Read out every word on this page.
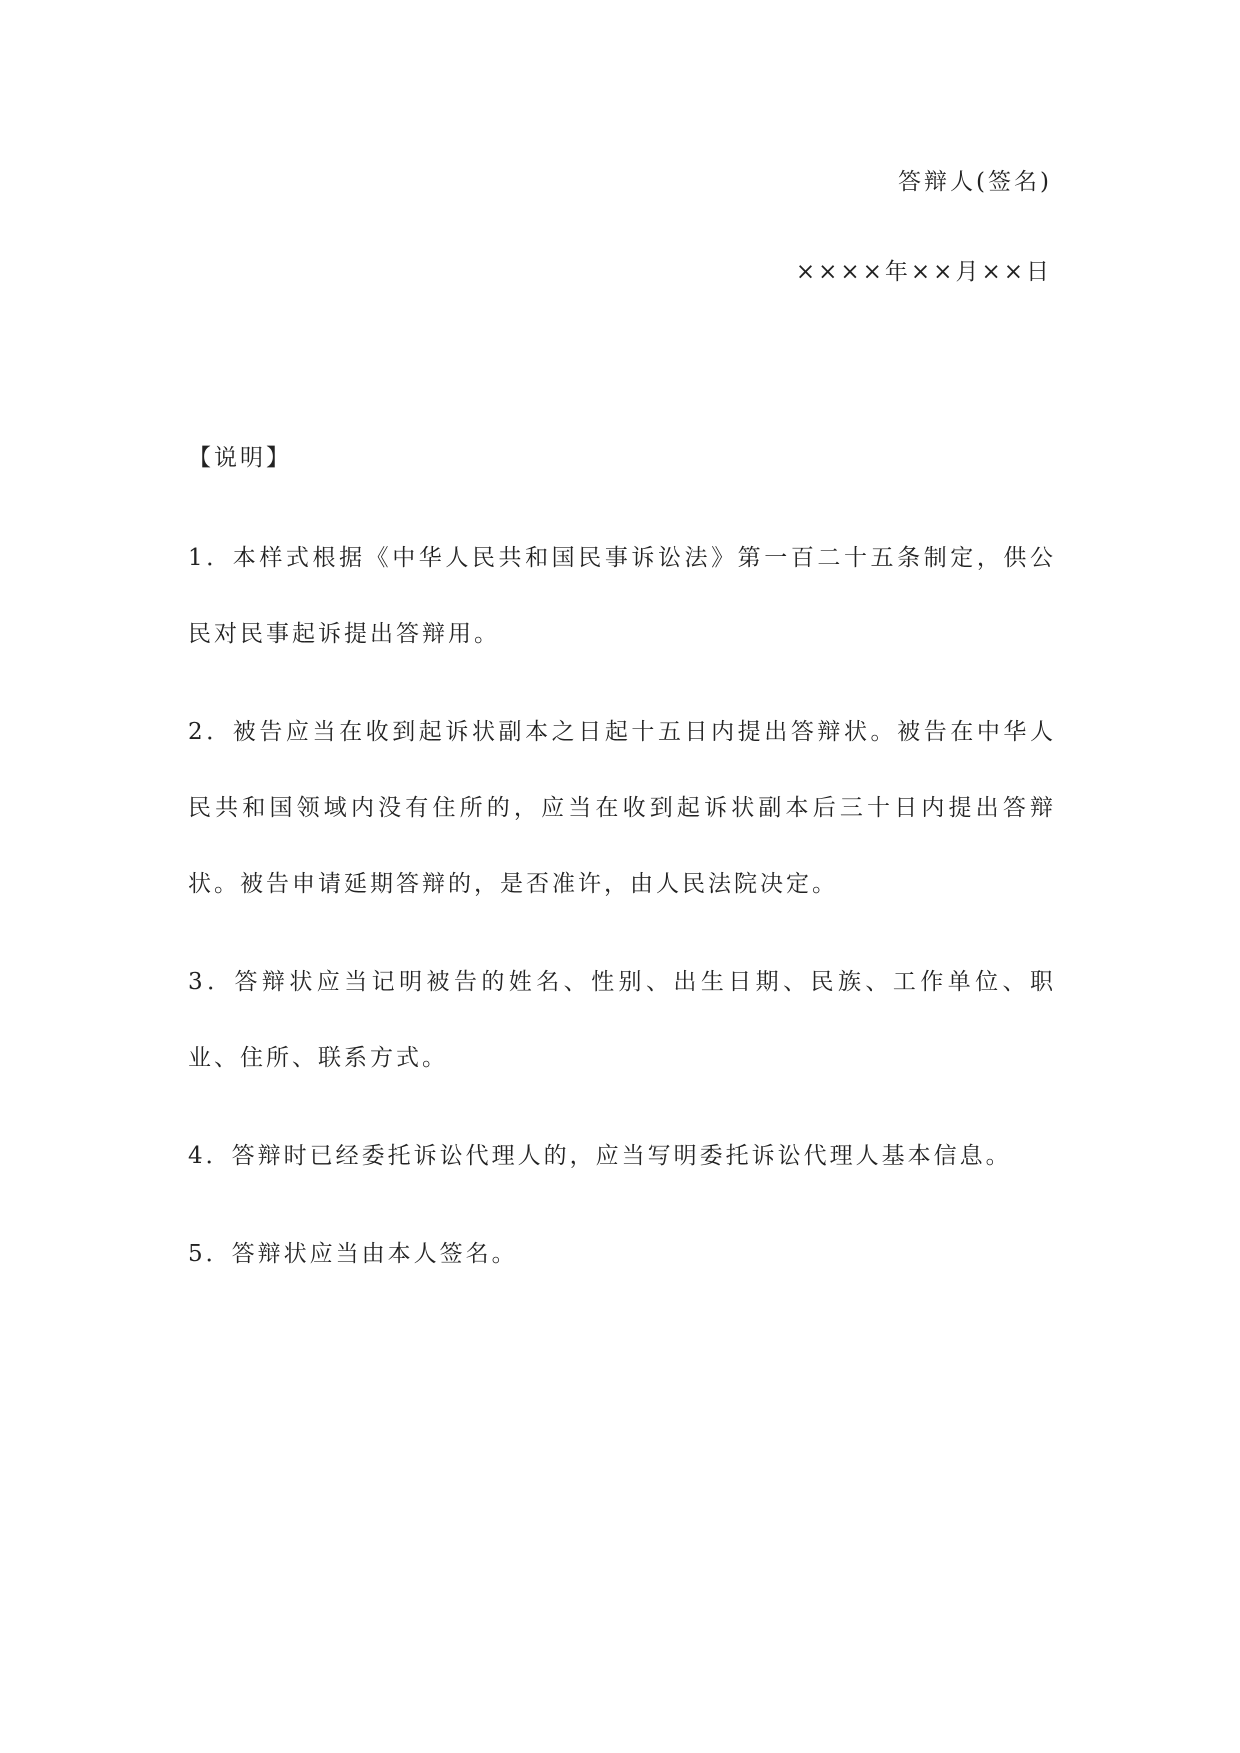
答辩人(签名)
××××年××月××日
【说明】

1．本样式根据《中华人民共和国民事诉讼法》第一百二十五条制定，供公民对民事起诉提出答辩用。

2．被告应当在收到起诉状副本之日起十五日内提出答辩状。被告在中华人民共和国领域内没有住所的，应当在收到起诉状副本后三十日内提出答辩状。被告申请延期答辩的，是否准许，由人民法院决定。

3．答辩状应当记明被告的姓名、性别、出生日期、民族、工作单位、职业、住所、联系方式。

4．答辩时已经委托诉讼代理人的，应当写明委托诉讼代理人基本信息。

5．答辩状应当由本人签名。
